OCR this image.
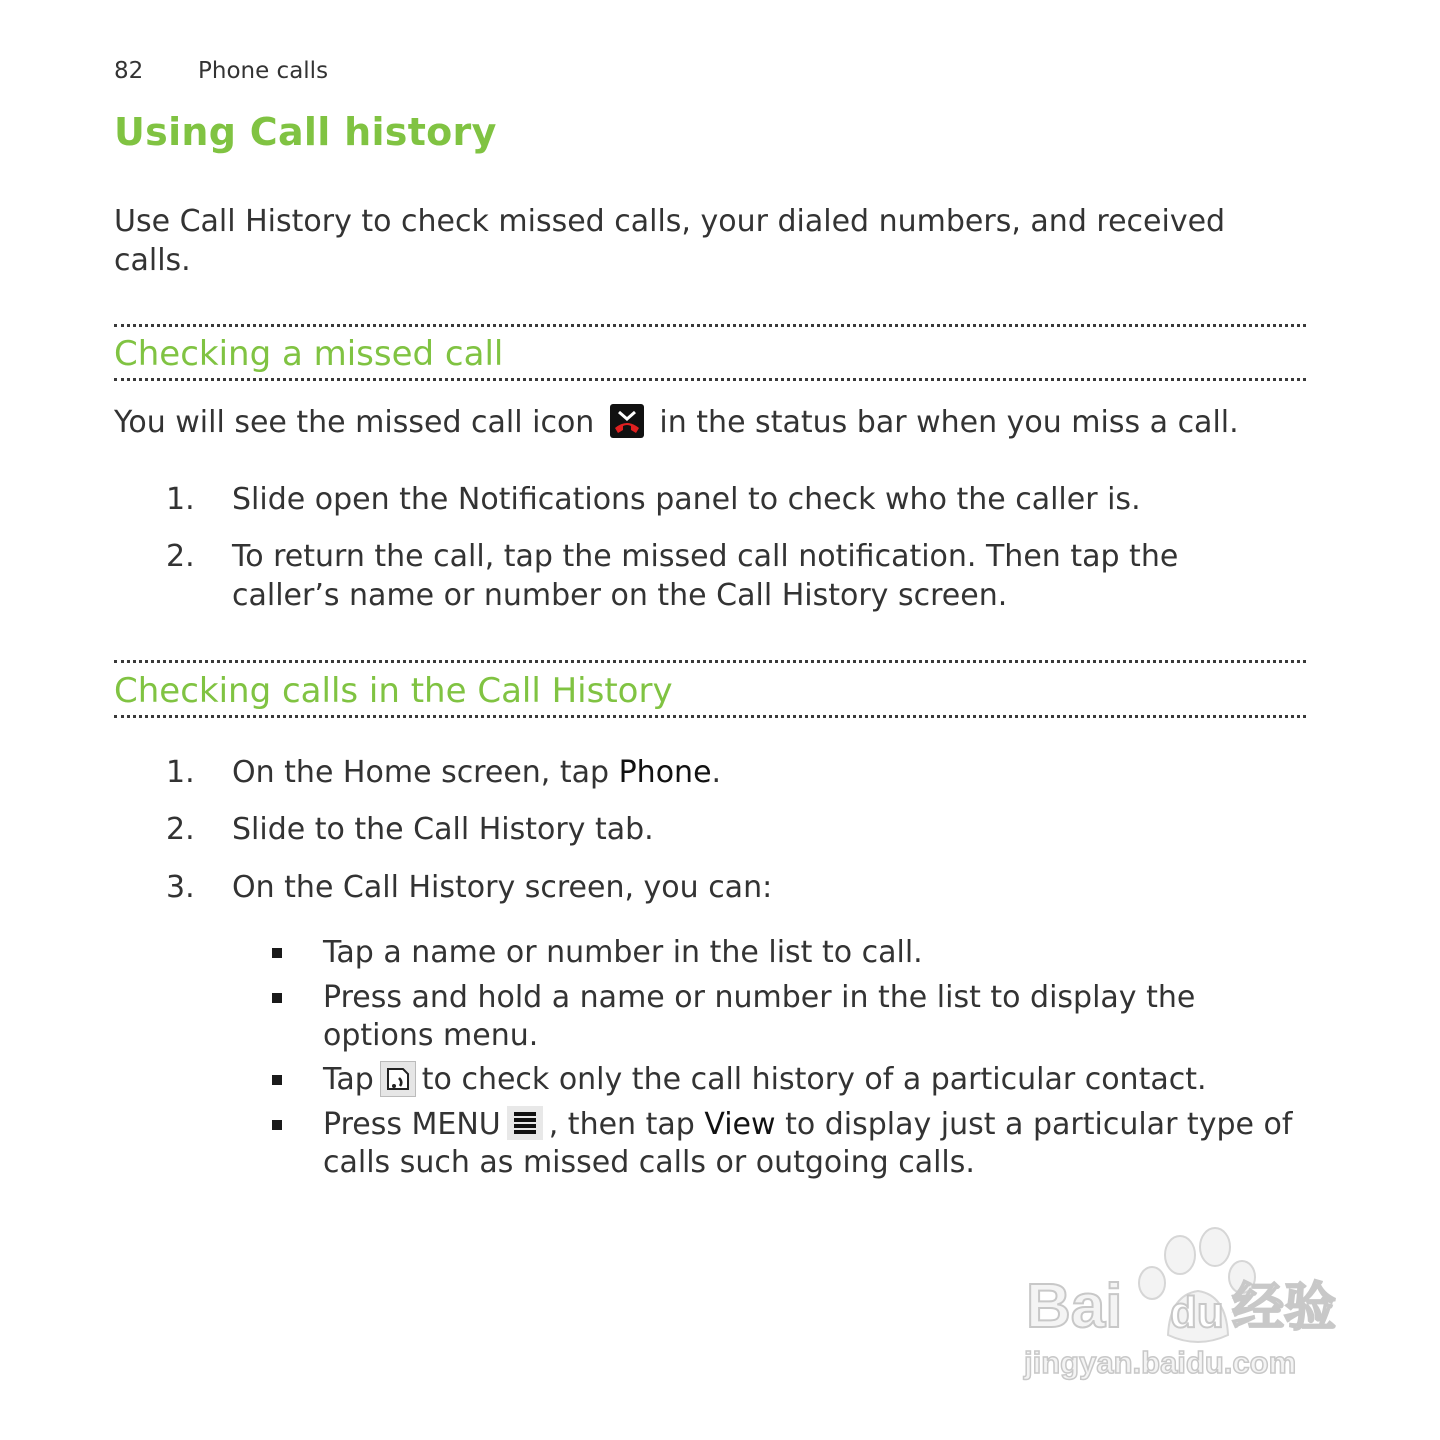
82 Phone calls
Using Call history
Use Call History to check missed calls, your dialed numbers, and received calls.
Checking a missed call
You will see the missed call icon in the status bar when you miss a call.
1.	Slide open the Notifications panel to check who the caller is.
2.	To return the call, tap the missed call notification. Then tap the caller’s name or number on the Call History screen.
Checking calls in the Call History
1.	On the Home screen, tap Phone.
2.	Slide to the Call History tab.
3.	On the Call History screen, you can:
Tap a name or number in the list to call.
Press and hold a name or number in the list to display the options menu.
Tap to check only the call history of a particular contact.
Press MENU , then tap View to display just a particular type of calls such as missed calls or outgoing calls.
Bai du 经验
jingyan.baidu.com
